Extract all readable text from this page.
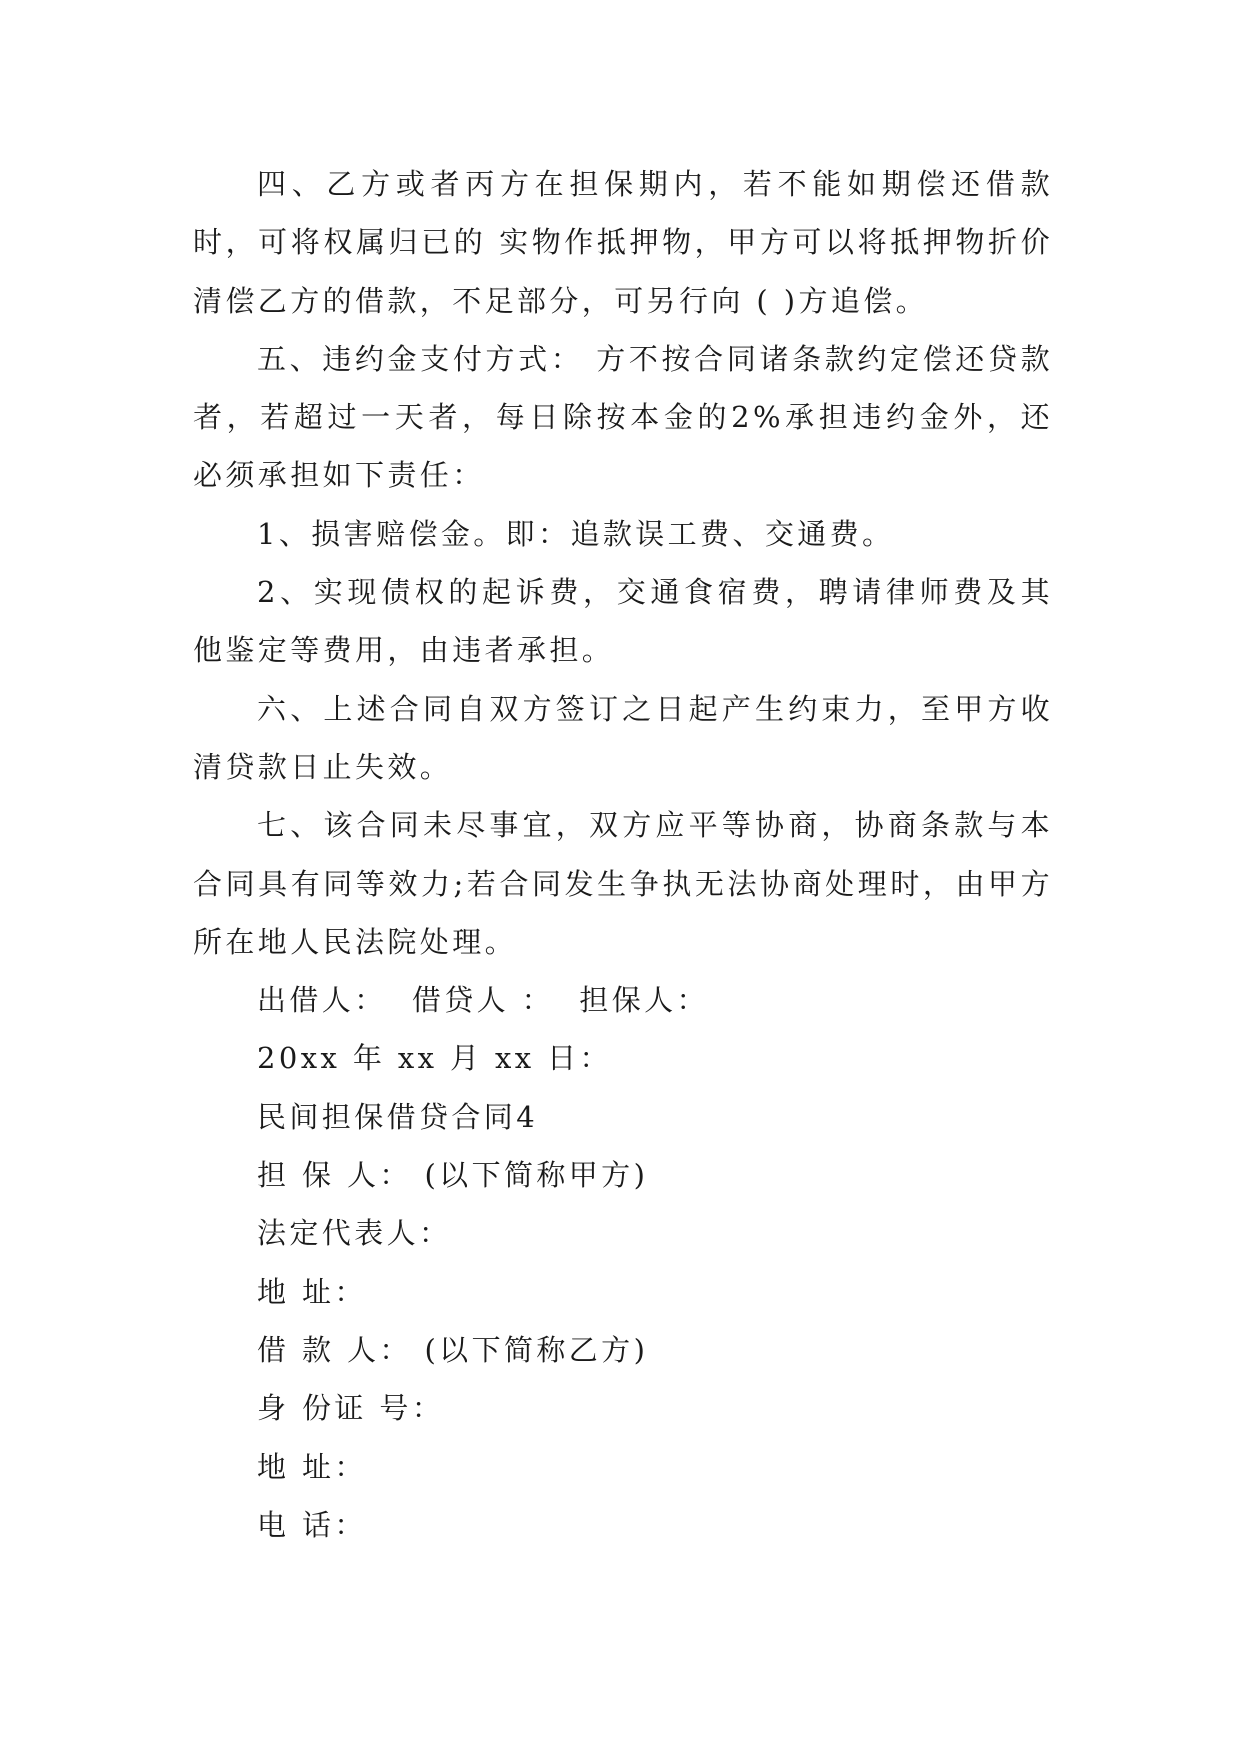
四、乙方或者丙方在担保期内，若不能如期偿还借款时，可将权属归已的 实物作抵押物，甲方可以将抵押物折价清偿乙方的借款，不足部分，可另行向 ( )方追偿。

五、违约金支付方式： 方不按合同诸条款约定偿还贷款者，若超过一天者，每日除按本金的2%承担违约金外，还必须承担如下责任：

1、损害赔偿金。即：追款误工费、交通费。

2、实现债权的起诉费，交通食宿费，聘请律师费及其他鉴定等费用，由违者承担。

六、上述合同自双方签订之日起产生约束力，至甲方收清贷款日止失效。

七、该合同未尽事宜，双方应平等协商，协商条款与本合同具有同等效力;若合同发生争执无法协商处理时，由甲方所在地人民法院处理。

出借人：  借贷人 ：  担保人：

20xx 年 xx 月 xx 日：

民间担保借贷合同4

担 保 人： (以下简称甲方)

法定代表人：

地 址：

借 款 人： (以下简称乙方)

身 份证 号：

地 址：

电 话：
